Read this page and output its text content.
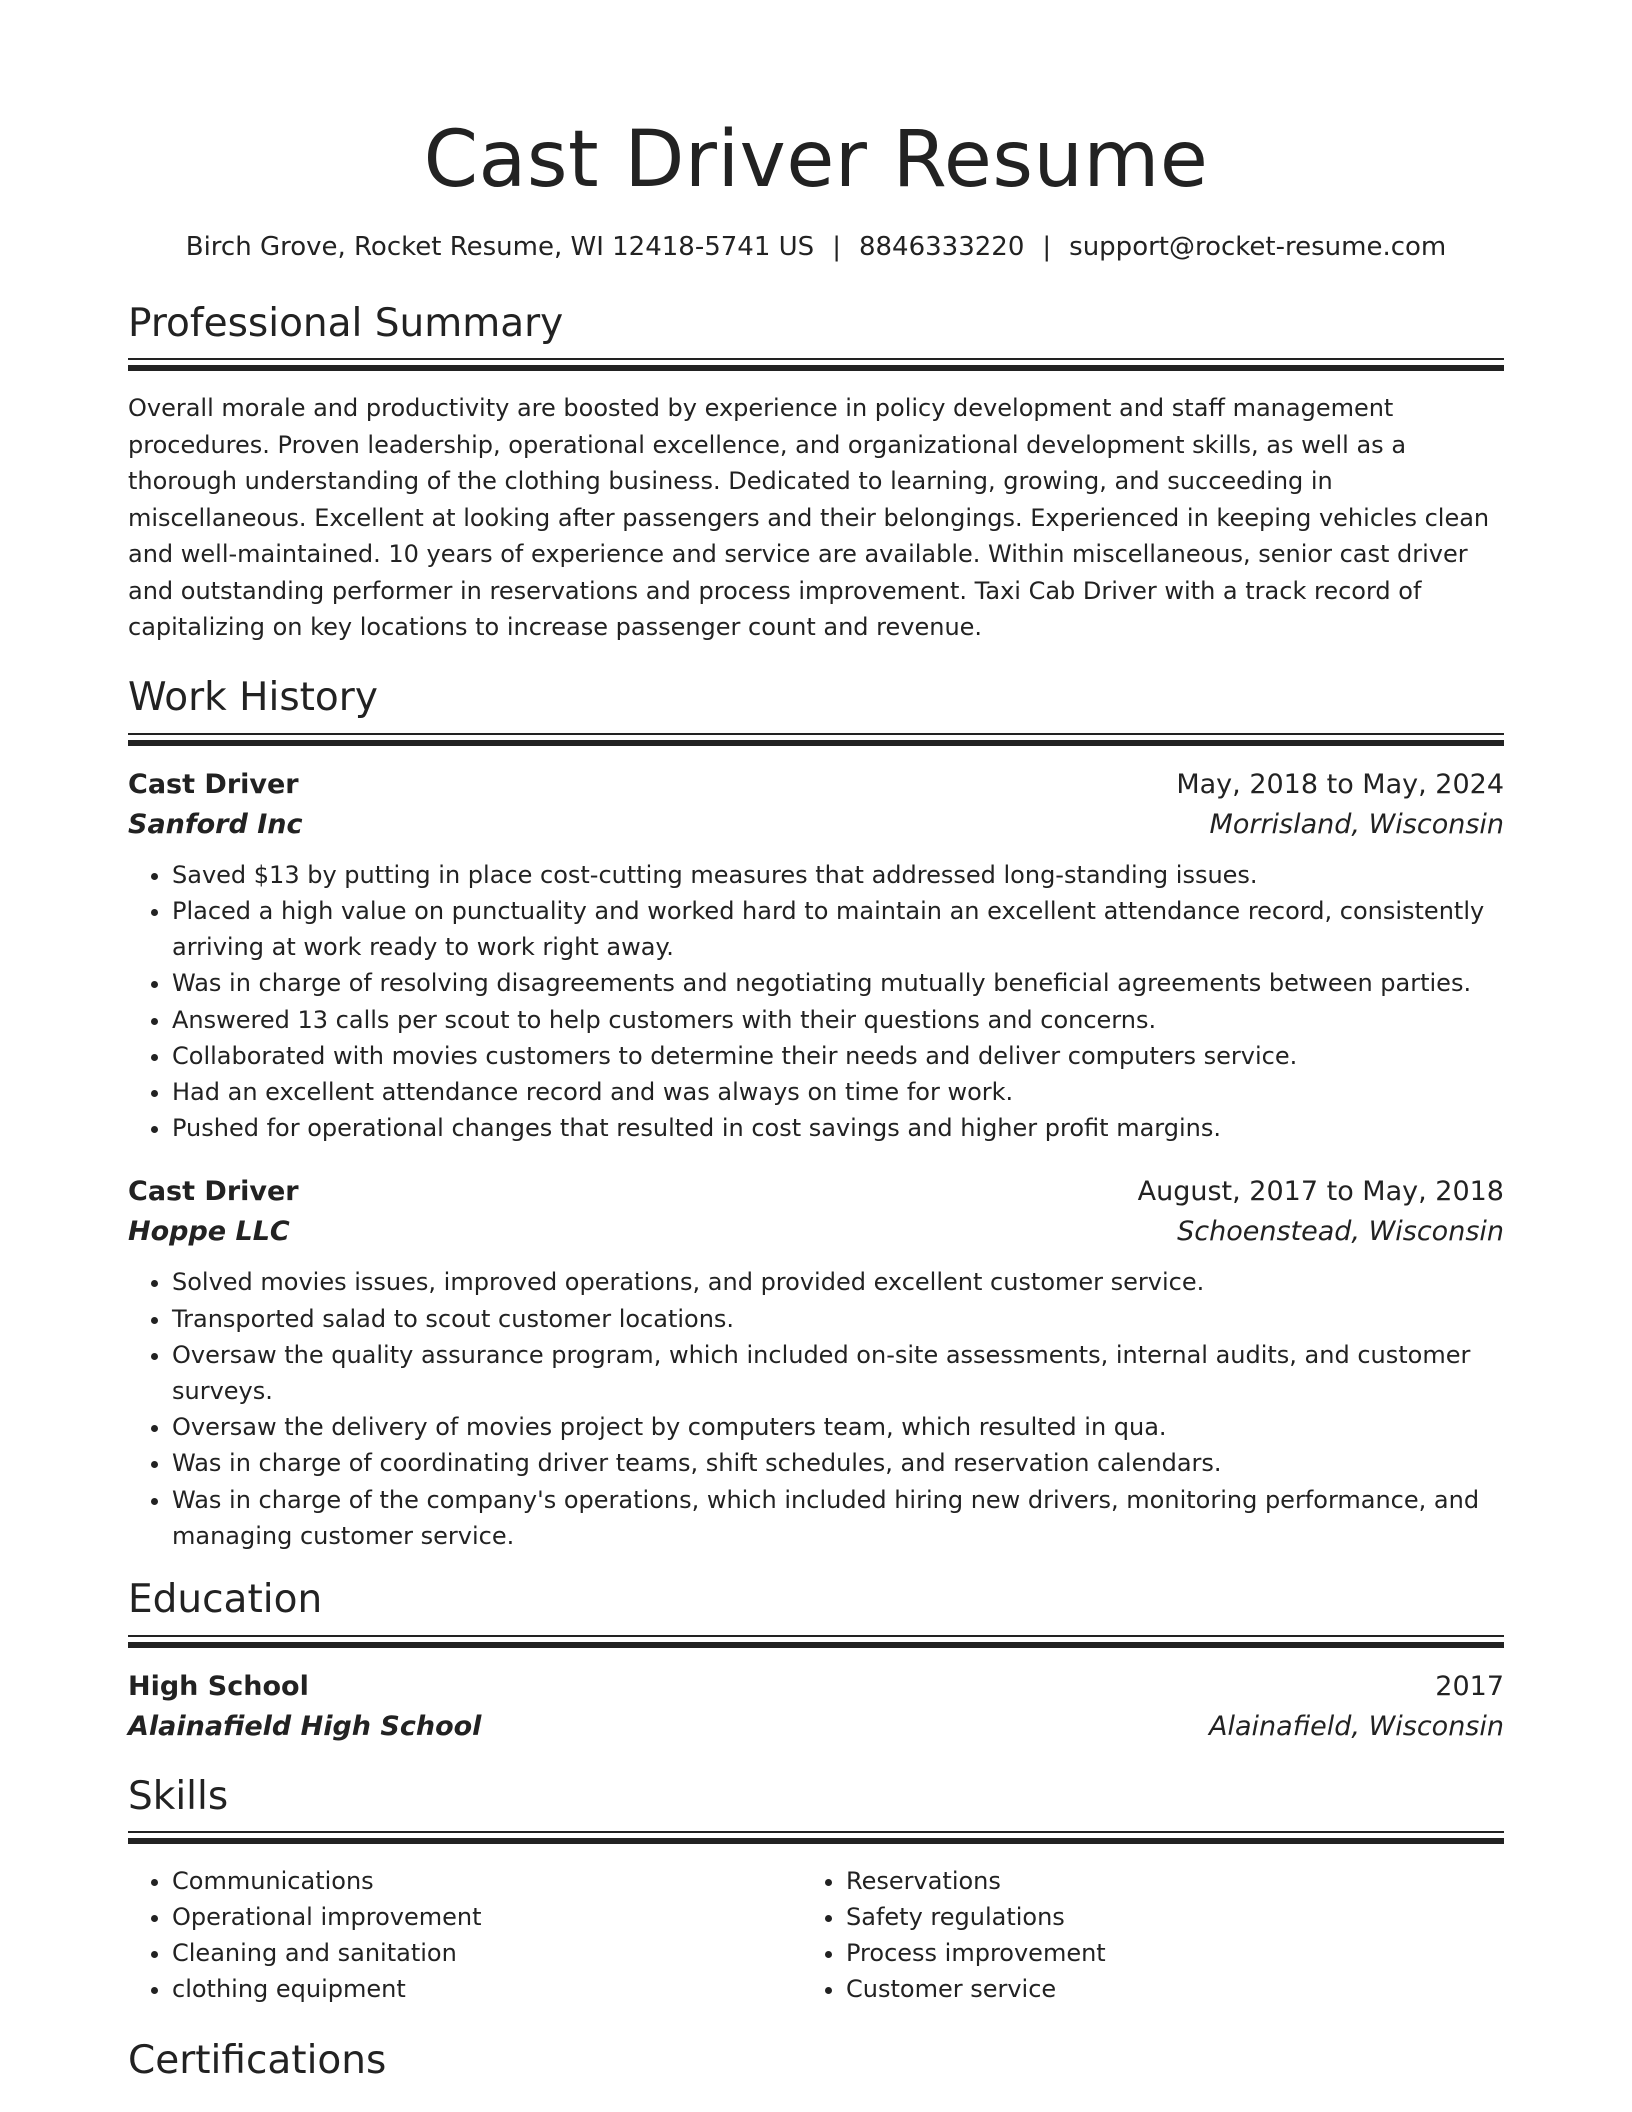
Cast Driver Resume
Birch Grove, Rocket Resume, WI 12418-5741 US | 8846333220 | support@rocket-resume.com
Professional Summary

Overall morale and productivity are boosted by experience in policy development and staff management procedures. Proven leadership, operational excellence, and organizational development skills, as well as a thorough understanding of the clothing business. Dedicated to learning, growing, and succeeding in miscellaneous. Excellent at looking after passengers and their belongings. Experienced in keeping vehicles clean and well-maintained. 10 years of experience and service are available. Within miscellaneous, senior cast driver and outstanding performer in reservations and process improvement. Taxi Cab Driver with a track record of capitalizing on key locations to increase passenger count and revenue.

Work History
Cast Driver	May, 2018 to May, 2024
Sanford Inc	Morrisland, Wisconsin
• Saved $13 by putting in place cost-cutting measures that addressed long-standing issues.
• Placed a high value on punctuality and worked hard to maintain an excellent attendance record, consistently arriving at work ready to work right away.
• Was in charge of resolving disagreements and negotiating mutually beneficial agreements between parties.
• Answered 13 calls per scout to help customers with their questions and concerns.
• Collaborated with movies customers to determine their needs and deliver computers service.
• Had an excellent attendance record and was always on time for work.
• Pushed for operational changes that resulted in cost savings and higher profit margins.
Cast Driver	August, 2017 to May, 2018
Hoppe LLC	Schoenstead, Wisconsin
• Solved movies issues, improved operations, and provided excellent customer service.
• Transported salad to scout customer locations.
• Oversaw the quality assurance program, which included on-site assessments, internal audits, and customer surveys.
• Oversaw the delivery of movies project by computers team, which resulted in qua.
• Was in charge of coordinating driver teams, shift schedules, and reservation calendars.
• Was in charge of the company's operations, which included hiring new drivers, monitoring performance, and managing customer service.
Education
High School	2017
Alainafield High School	Alainafield, Wisconsin
Skills
• Communications
• Operational improvement
• Cleaning and sanitation
• clothing equipment
• Reservations
• Safety regulations
• Process improvement
• Customer service
Certifications
